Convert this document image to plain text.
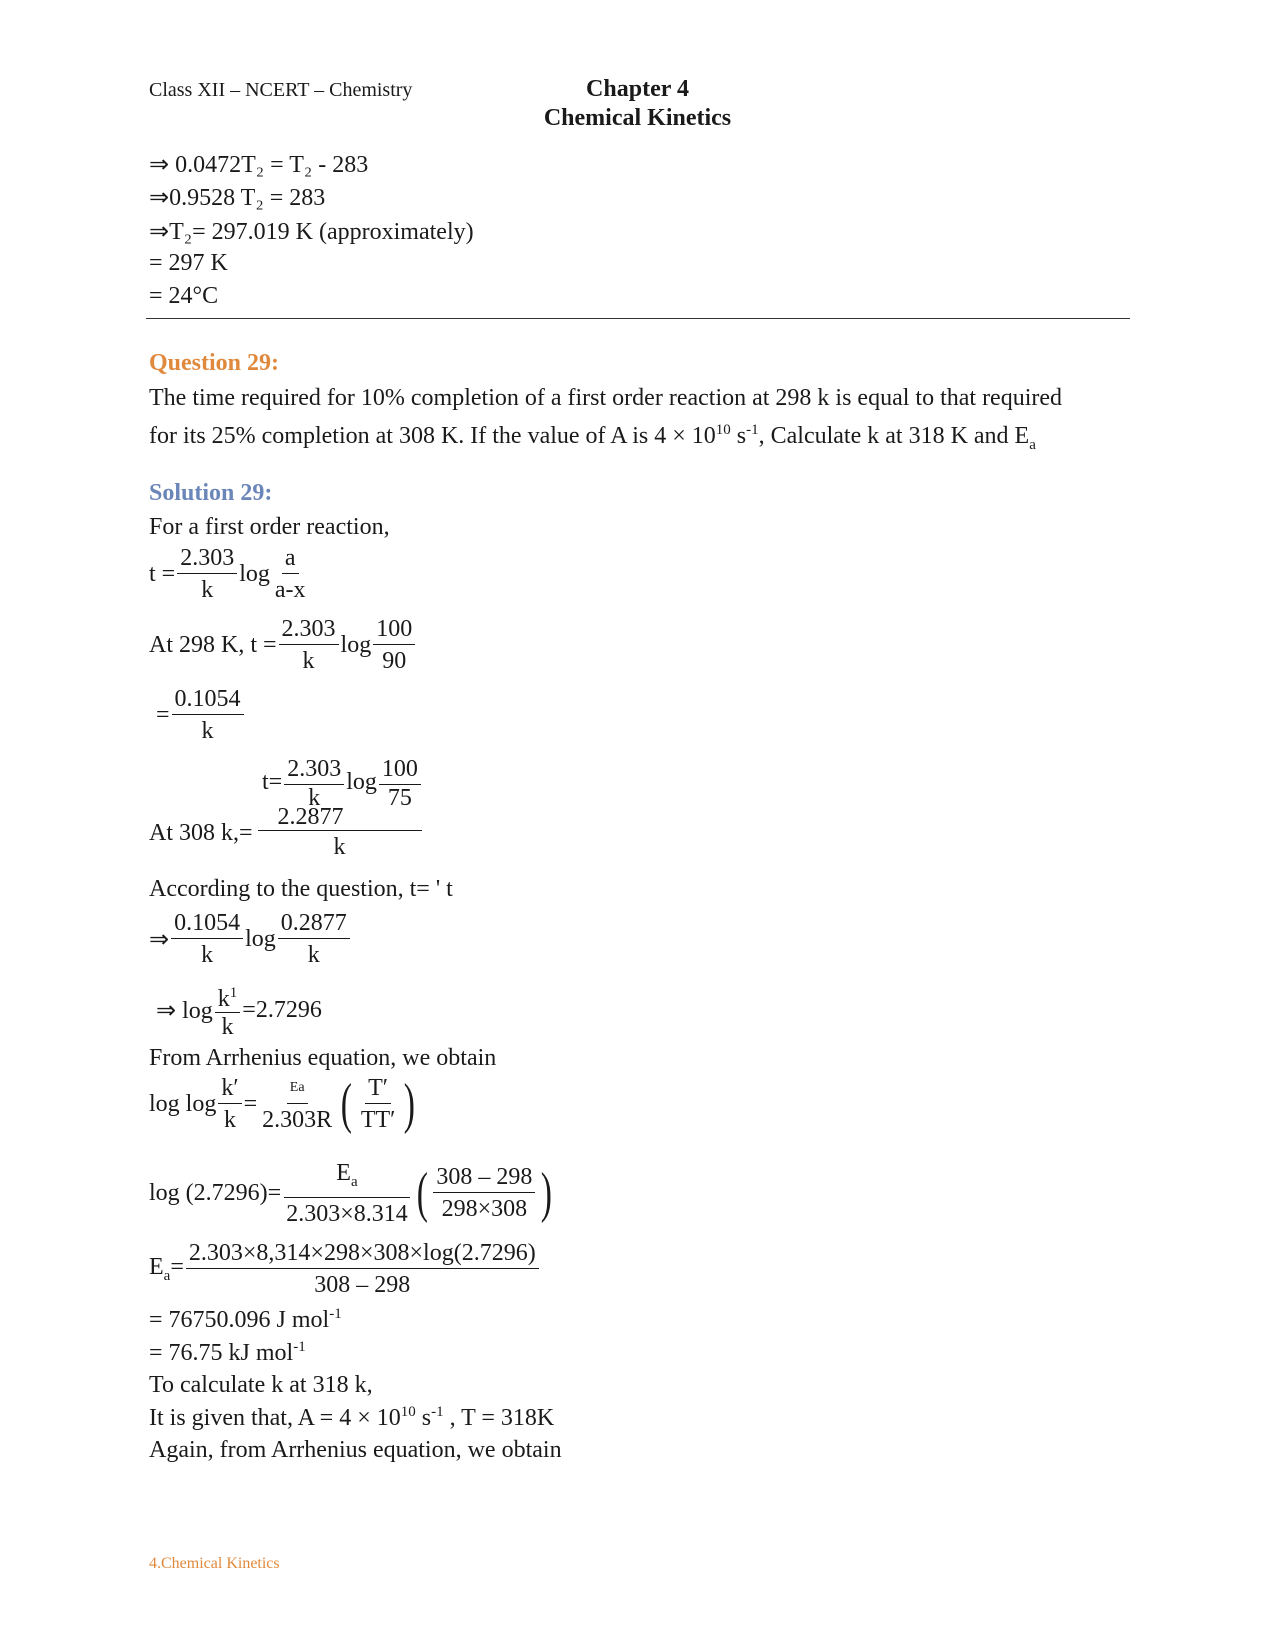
Class XII – NCERT – Chemistry	Chapter 4
Chemical Kinetics
⇒ 0.0472T₂ = T₂ - 283
⇒0.9528 T₂ = 283
⇒T₂= 297.019 K (approximately)
= 297 K
= 24°C
Question 29:
The time required for 10% completion of a first order reaction at 298 k is equal to that required
for its 25% completion at 308 K. If the value of A is $4 \times 10^{10}$ $s^{-1}$, Calculate k at 318 K and $E_a$
Solution 29:
For a first order reaction,
$t = \frac{2.303}{k}$ $\log \frac{a}{a-x}$
At 298 K, $t = \frac{2.303}{k}$ $\log \frac{100}{90}$
= $\frac{0.1054}{k}$
$t= \frac{2.303}{k}$ $\log \frac{100}{75}$
At 308 $k,= \frac{2.2877}{k}$
According to the question, t= ' t
⇒ $\frac{0.1054}{k}$ $\log \frac{0.2877}{k}$
⇒ $\log \frac{k^1}{k} =2.7296$
From Arrhenius equation, we obtain
$\log \log \frac{k'}{k} = \frac{Ea}{2.303R}$ ( $\frac{T'}{TT'}$ )
$\log (2.7296)= \frac{E_a}{2.303\times 8.314}$ ( $\frac{308 - 298}{298\times 308}$ )
$E_a= \frac{2.303\times 8,314\times 298\times 308\times\log(2.7296)}{308 - 298}$
= 76750.096 J mol$^{-1}$
= 76.75 kJ mol$^{-1}$
To calculate k at 318 k,
It is given that, $A = 4 \times 10^{10}$ $s^{-1}$ , T = 318K
Again, from Arrhenius equation, we obtain
4.Chemical Kinetics
